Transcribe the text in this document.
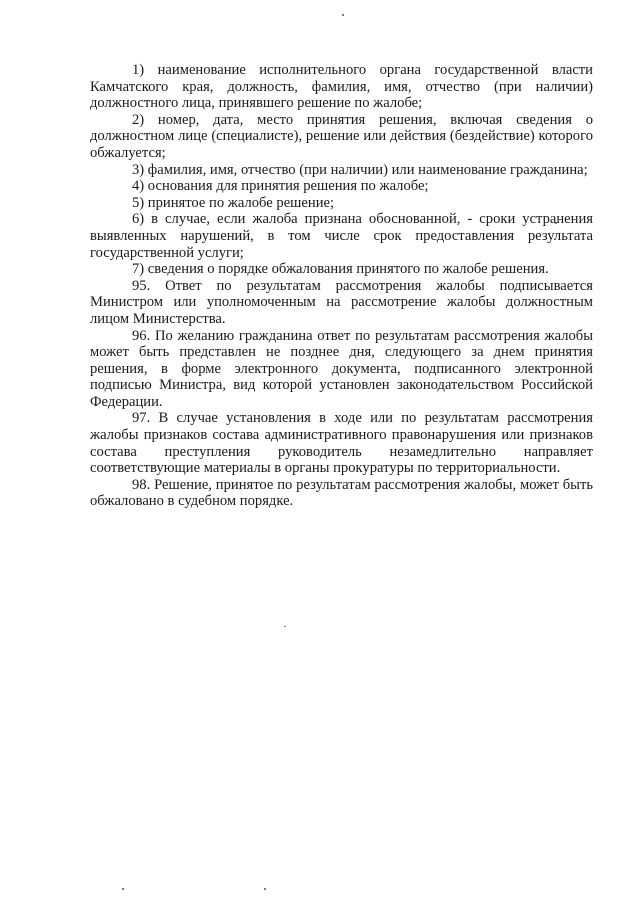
1) наименование исполнительного органа государственной власти Камчатского края, должность, фамилия, имя, отчество (при наличии) должностного лица, принявшего решение по жалобе;

2) номер, дата, место принятия решения, включая сведения о должностном лице (специалисте), решение или действия (бездействие) которого обжалуется;

3) фамилия, имя, отчество (при наличии) или наименование гражданина;

4) основания для принятия решения по жалобе;

5) принятое по жалобе решение;

6) в случае, если жалоба признана обоснованной, - сроки устранения выявленных нарушений, в том числе срок предоставления результата государственной услуги;

7) сведения о порядке обжалования принятого по жалобе решения.

95. Ответ по результатам рассмотрения жалобы подписывается Министром или уполномоченным на рассмотрение жалобы должностным лицом Министерства.

96. По желанию гражданина ответ по результатам рассмотрения жалобы может быть представлен не позднее дня, следующего за днем принятия решения, в форме электронного документа, подписанного электронной подписью Министра, вид которой установлен законодательством Российской Федерации.

97. В случае установления в ходе или по результатам рассмотрения жалобы признаков состава административного правонарушения или признаков состава преступления руководитель незамедлительно направляет соответствующие материалы в органы прокуратуры по территориальности.

98. Решение, принятое по результатам рассмотрения жалобы, может быть обжаловано в судебном порядке.
